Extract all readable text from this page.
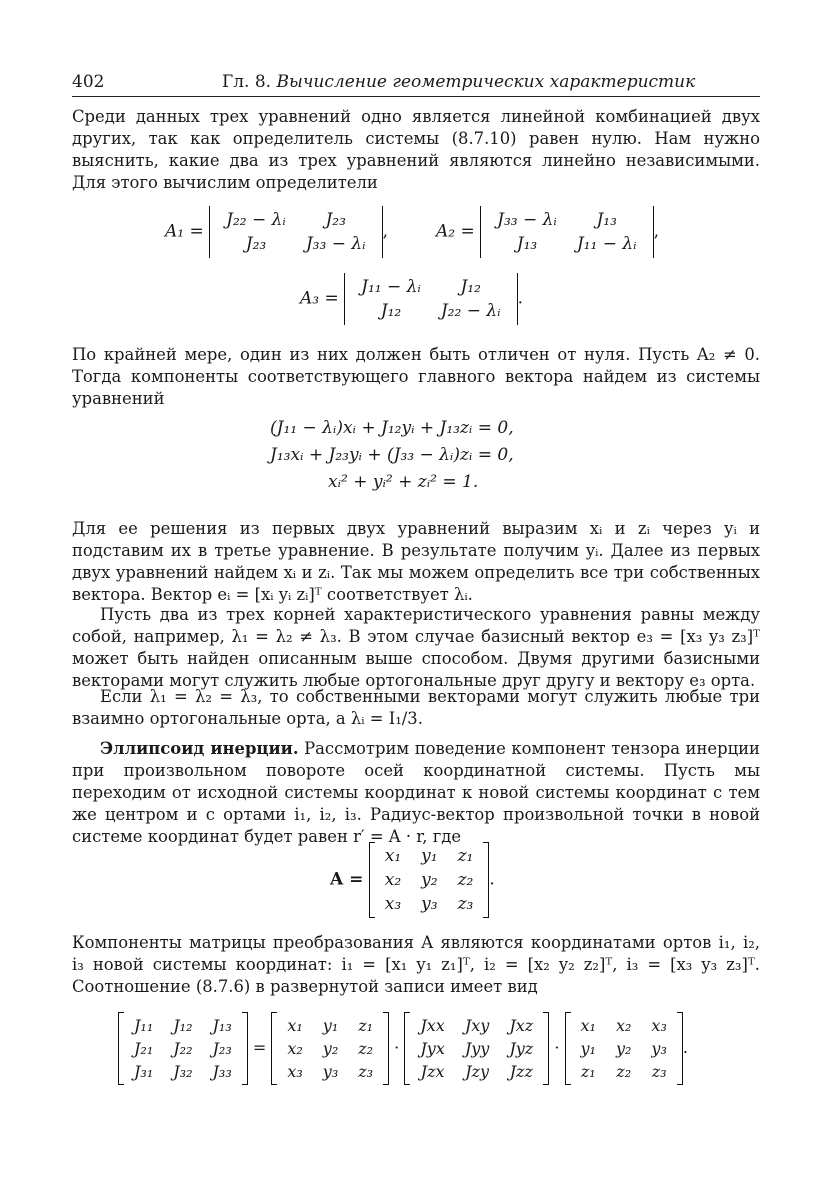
402	Гл. 8. Вычисление геометрических характеристик

Среди данных трех уравнений одно является линейной комбинацией двух других, так как определитель системы (8.7.10) равен нулю. Нам нужно выяснить, какие два из трех уравнений являются линейно независимыми. Для этого вычислим определители

A₁ =
J₂₂ − λᵢ	J₂₃
J₂₃	J₃₃ − λᵢ
,	A₂ =
J₃₃ − λᵢ	J₁₃
J₁₃	J₁₁ − λᵢ
,
A₃ =
J₁₁ − λᵢ	J₁₂
J₁₂	J₂₂ − λᵢ
.

По крайней мере, один из них должен быть отличен от нуля. Пусть A₂ ≠ 0. Тогда компоненты соответствующего главного вектора найдем из системы уравнений

(J₁₁ − λᵢ)xᵢ + J₁₂yᵢ + J₁₃zᵢ = 0,
J₁₃xᵢ + J₂₃yᵢ + (J₃₃ − λᵢ)zᵢ = 0,
xᵢ² + yᵢ² + zᵢ² = 1.

Для ее решения из первых двух уравнений выразим xᵢ и zᵢ через yᵢ и подставим их в третье уравнение. В результате получим yᵢ. Далее из первых двух уравнений найдем xᵢ и zᵢ. Так мы можем определить все три собственных вектора. Вектор eᵢ = [xᵢ yᵢ zᵢ]ᵀ соответствует λᵢ.

Пусть два из трех корней характеристического уравнения равны между собой, например, λ₁ = λ₂ ≠ λ₃. В этом случае базисный вектор e₃ = [x₃ y₃ z₃]ᵀ может быть найден описанным выше способом. Двумя другими базисными векторами могут служить любые ортогональные друг другу и вектору e₃ орта.

Если λ₁ = λ₂ = λ₃, то собственными векторами могут служить любые три взаимно ортогональные орта, а λᵢ = I₁/3.

Эллипсоид инерции. Рассмотрим поведение компонент тензора инерции при произвольном повороте осей координатной системы. Пусть мы переходим от исходной системы координат к новой системы координат с тем же центром и с ортами i₁, i₂, i₃. Радиус-вектор произвольной точки в новой системе координат будет равен r′ = A · r, где

A =
x₁	y₁	z₁
x₂	y₂	z₂
x₃	y₃	z₃
.

Компоненты матрицы преобразования A являются координатами ортов i₁, i₂, i₃ новой системы координат: i₁ = [x₁ y₁ z₁]ᵀ, i₂ = [x₂ y₂ z₂]ᵀ, i₃ = [x₃ y₃ z₃]ᵀ. Соотношение (8.7.6) в развернутой записи имеет вид

J₁₁	J₁₂	J₁₃
J₂₁	J₂₂	J₂₃
J₃₁	J₃₂	J₃₃
=
x₁	y₁	z₁
x₂	y₂	z₂
x₃	y₃	z₃
·
Jxx	Jxy	Jxz
Jyx	Jyy	Jyz
Jzx	Jzy	Jzz
·
x₁	x₂	x₃
y₁	y₂	y₃
z₁	z₂	z₃
.
